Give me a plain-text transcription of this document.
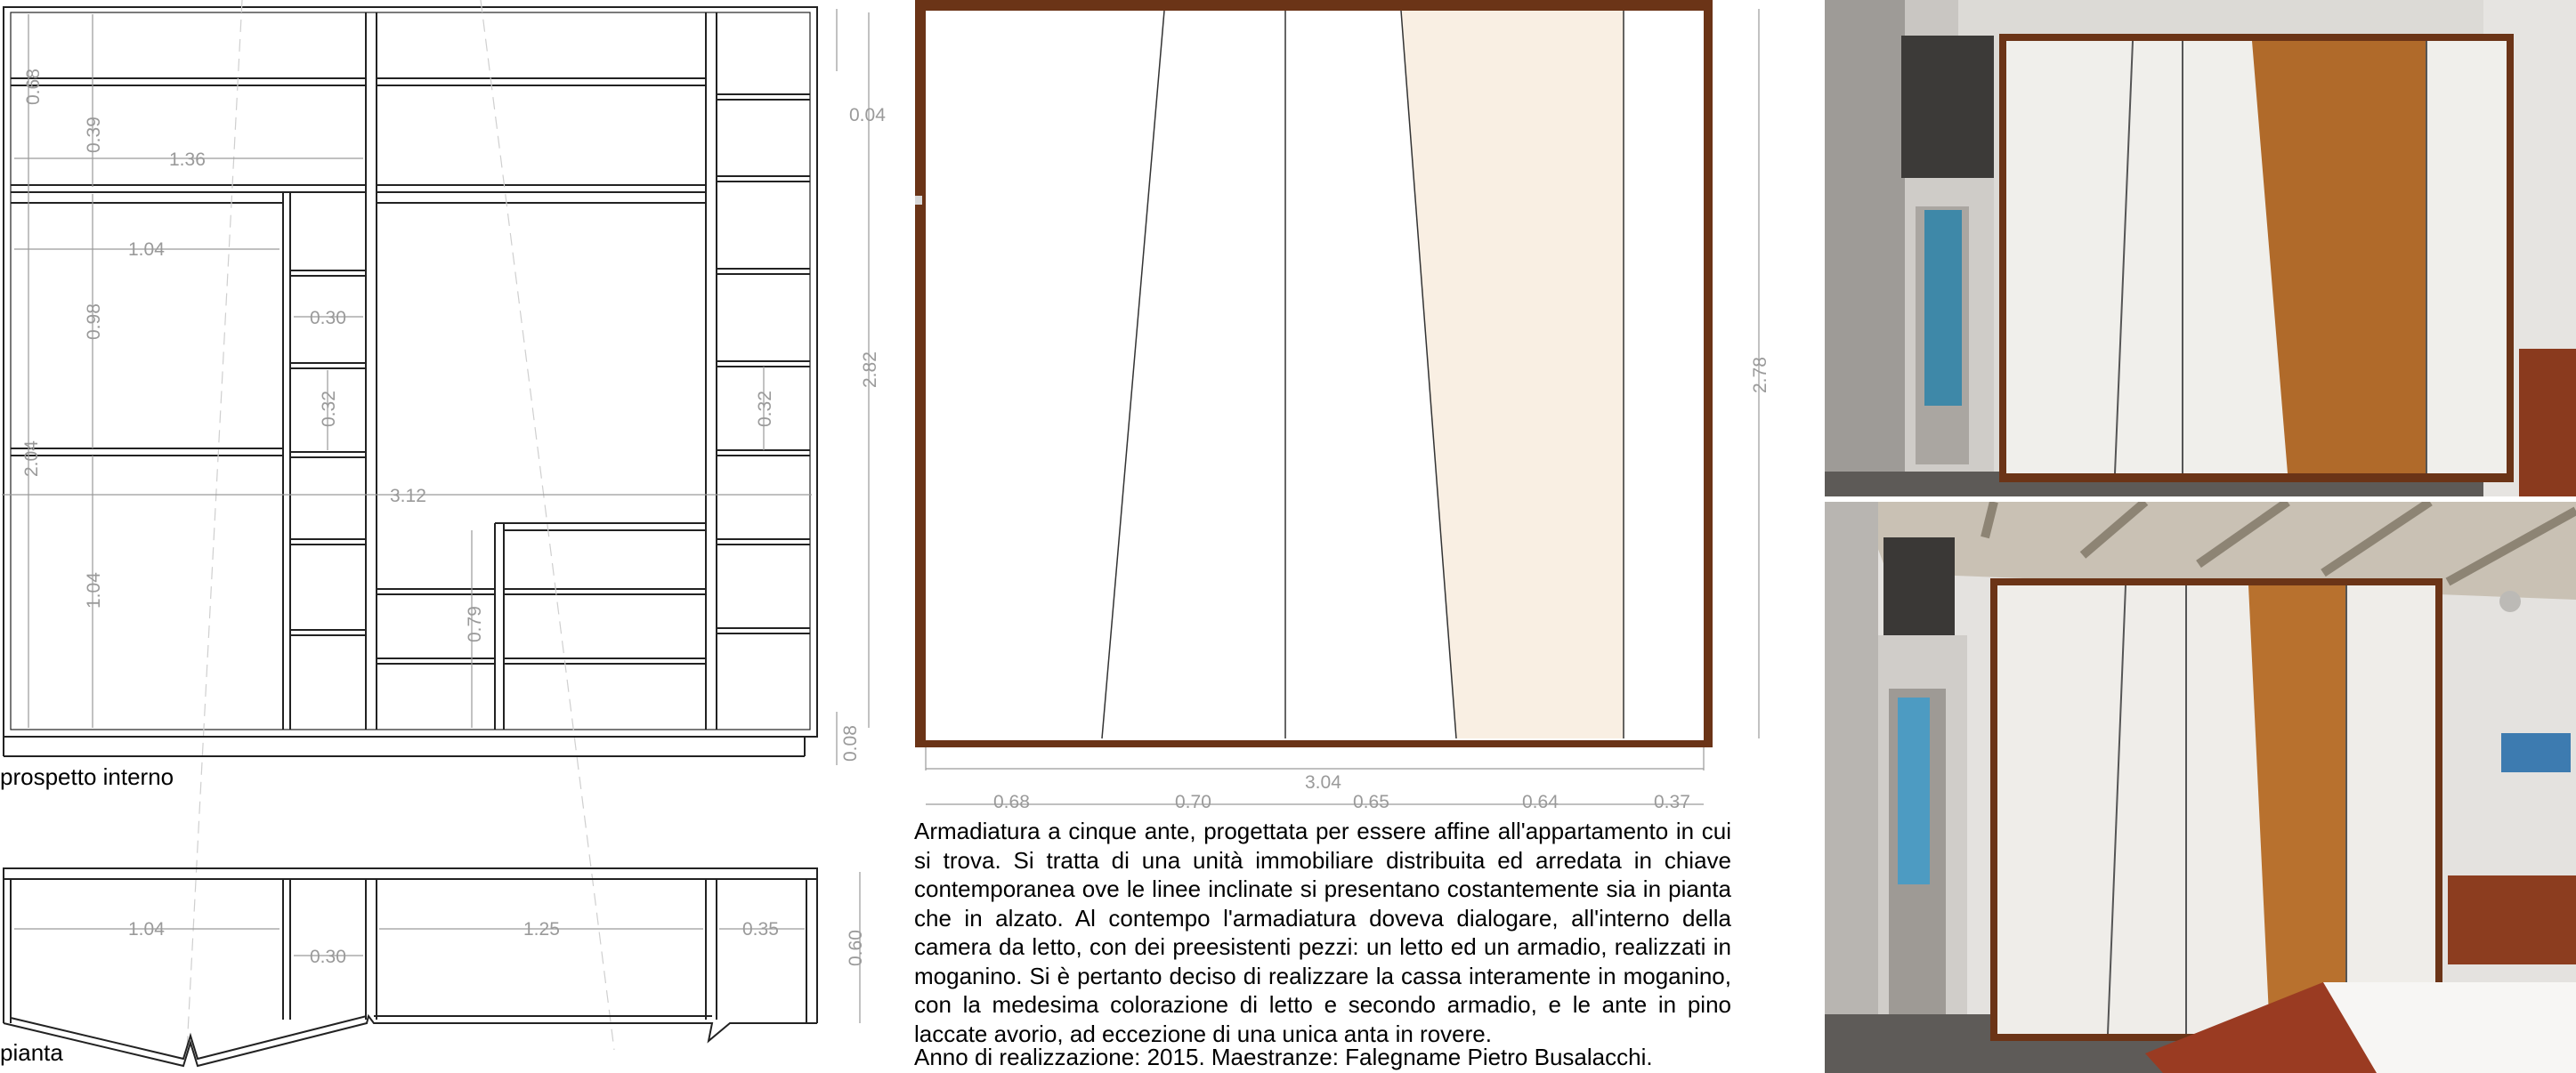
0.68
0.39
1.36
1.04
0.98	0.30
0.32
2.04
3.12
0.32
1.04
0.79
2.82
0.04
0.08
prospetto interno
1.04
0.30
1.25	0.35
0.60
pianta
3.04
2.78
0.68	0.70	0.65	0.64	0.37

Armadiatura a cinque ante, progettata per essere affine all'appartamento in cui si trova. Si tratta di una unità immobiliare distribuita ed arredata in chiave contemporanea ove le linee inclinate si presentano costantemente sia in pianta che in alzato. Al contempo l'armadiatura doveva dialogare, all'interno della camera da letto, con dei preesistenti pezzi: un letto ed un armadio, realizzati in moganino. Si è pertanto deciso di realizzare la cassa interamente in moganino, con la medesima colorazione di letto e secondo armadio, e le ante in pino laccate avorio, ad eccezione di una unica anta in rovere.

Anno di realizzazione: 2015. Maestranze: Falegname Pietro Busalacchi.
